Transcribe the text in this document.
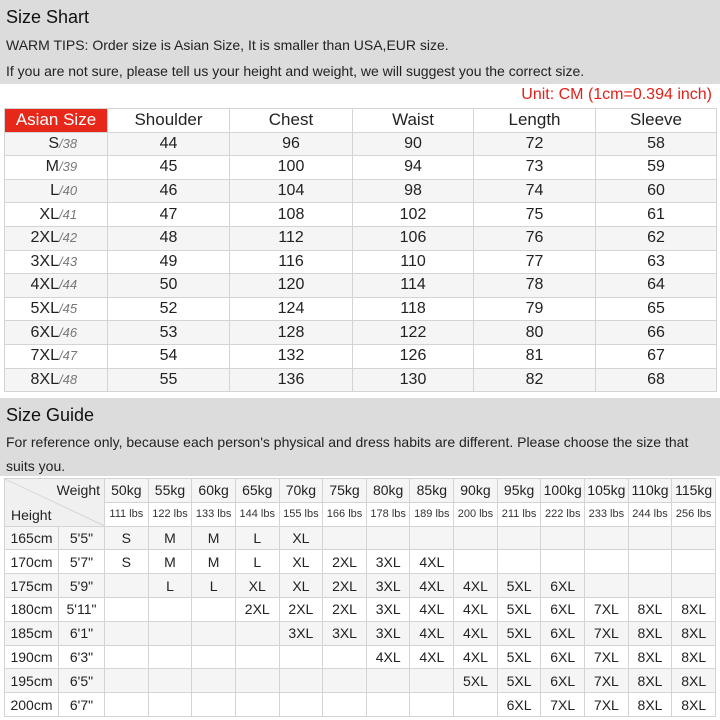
Size Shart
WARM TIPS: Order size is Asian Size, It is smaller than USA,EUR size.
If you are not sure, please tell us your height and weight, we will suggest you the correct size.
Unit: CM (1cm=0.394 inch)
Asian Size	Shoulder	Chest	Waist	Length	Sleeve
S/38	44	96	90	72	58
M/39	45	100	94	73	59
L/40	46	104	98	74	60
XL/41	47	108	102	75	61
2XL/42	48	112	106	76	62
3XL/43	49	116	110	77	63
4XL/44	50	120	114	78	64
5XL/45	52	124	118	79	65
6XL/46	53	128	122	80	66
7XL/47	54	132	126	81	67
8XL/48	55	136	130	82	68
Size Guide
For reference only, because each person's physical and dress habits are different. Please choose the size that suits you.
Weight
Height		50kg	55kg	60kg	65kg	70kg	75kg	80kg	85kg	90kg	95kg	100kg	105kg	110kg	115kg
		111 lbs	122 lbs	133 lbs	144 lbs	155 lbs	166 lbs	178 lbs	189 lbs	200 lbs	211 lbs	222 lbs	233 lbs	244 lbs	256 lbs
165cm	5'5"	S	M	M	L	XL									
170cm	5'7"	S	M	M	L	XL	2XL	3XL	4XL						
175cm	5'9"		L	L	XL	XL	2XL	3XL	4XL	4XL	5XL	6XL			
180cm	5'11"				2XL	2XL	2XL	3XL	4XL	4XL	5XL	6XL	7XL	8XL	8XL
185cm	6'1"					3XL	3XL	3XL	4XL	4XL	5XL	6XL	7XL	8XL	8XL
190cm	6'3"							4XL	4XL	4XL	5XL	6XL	7XL	8XL	8XL
195cm	6'5"									5XL	5XL	6XL	7XL	8XL	8XL
200cm	6'7"										6XL	7XL	7XL	8XL	8XL
